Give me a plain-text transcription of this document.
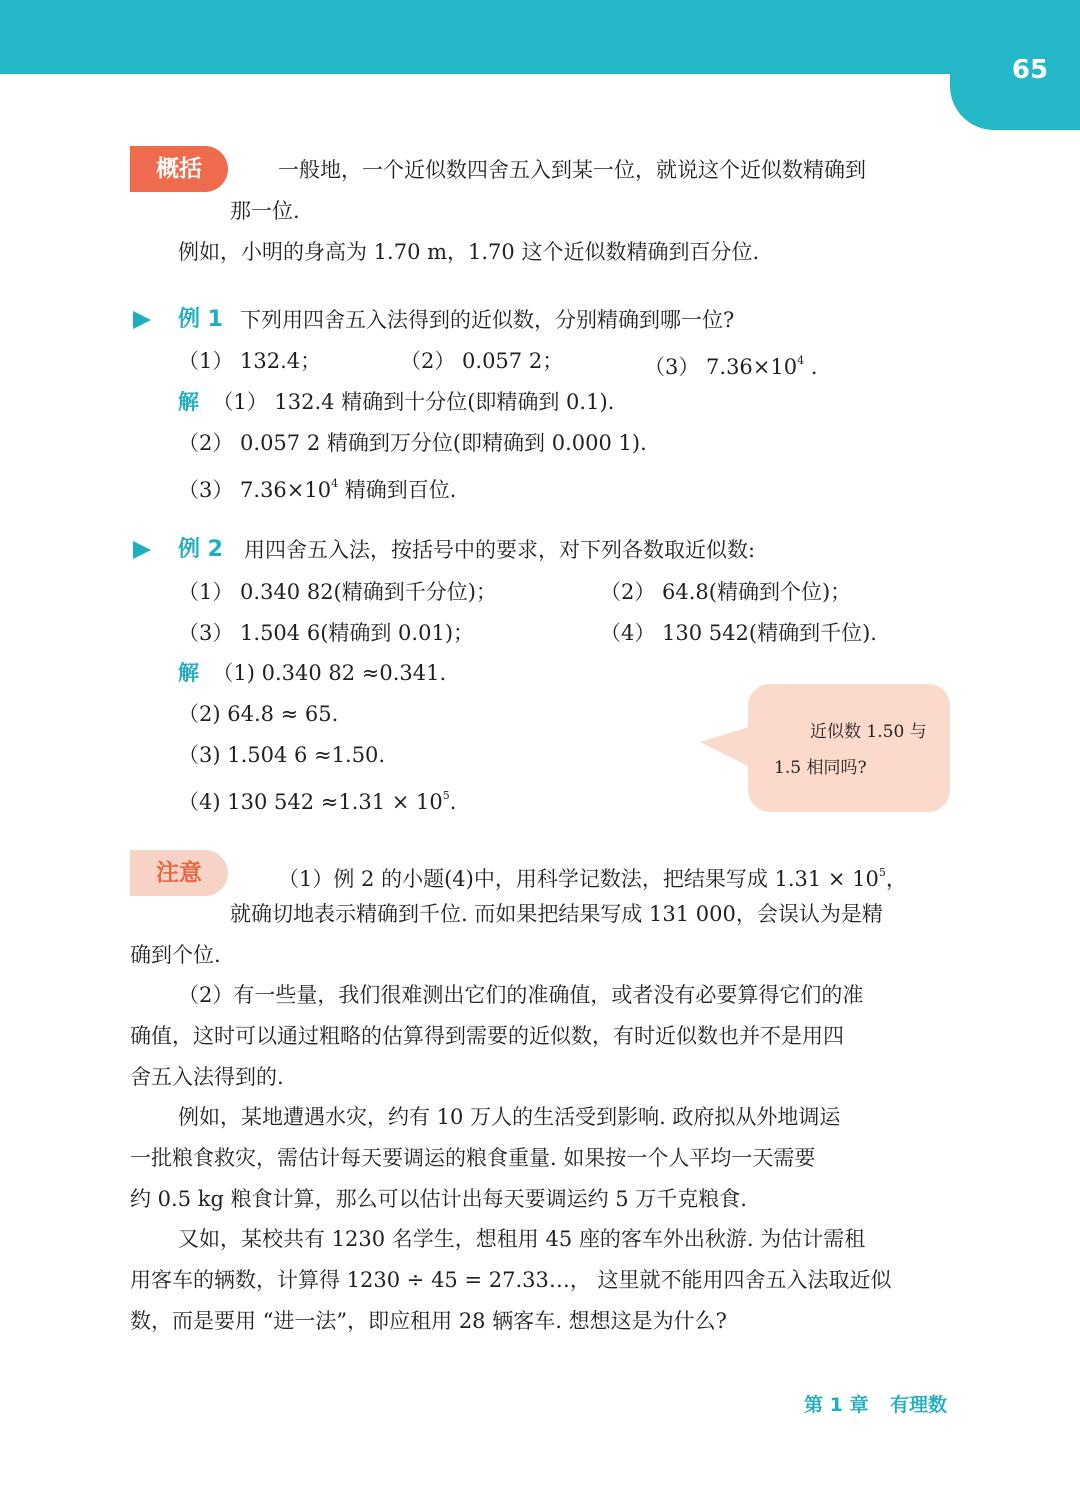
65
概括	一般地，一个近似数四舍五入到某一位，就说这个近似数精确到
那一位.
例如，小明的身高为 1.70 m，1.70 这个近似数精确到百分位.
例 1 下列用四舍五入法得到的近似数，分别精确到哪一位?
（1） 132.4；	（2） 0.057 2；	（3） $7.36\times 10^4$ .
解 （1） 132.4 精确到十分位(即精确到 0.1).
（2） 0.057 2 精确到万分位(即精确到 0.000 1).
（3） $7.36\times 10^4$ 精确到百位.
例 2 用四舍五入法，按括号中的要求，对下列各数取近似数:
（1） 0.340 82(精确到千分位)；	（2） 64.8(精确到个位)；
（3） 1.504 6(精确到 0.01)；	（4） 130 542(精确到千位).
解 （1) 0.340 82 ≈0.341.
（2) 64.8 ≈ 65.
（3) 1.504 6 ≈1.50.
（4) 130 $542 \approx 1.31 \times 10^5$.
近似数 1.50 与
1.5 相同吗?
注意	（1）例 2 的小题(4)中，用科学记数法，把结果写成 $1.31 \times 10^5$，
就确切地表示精确到千位. 而如果把结果写成 131 000，会误认为是精
确到个位.
（2）有一些量，我们很难测出它们的准确值，或者没有必要算得它们的准
确值，这时可以通过粗略的估算得到需要的近似数，有时近似数也并不是用四
舍五入法得到的.
例如，某地遭遇水灾，约有 10 万人的生活受到影响. 政府拟从外地调运
一批粮食救灾，需估计每天要调运的粮食重量. 如果按一个人平均一天需要
约 0.5 kg 粮食计算，那么可以估计出每天要调运约 5 万千克粮食.
又如，某校共有 1230 名学生，想租用 45 座的客车外出秋游. 为估计需租
用客车的辆数，计算得 1230 ÷ 45 = 27.33…， 这里就不能用四舍五入法取近似
数，而是要用 “进一法”，即应租用 28 辆客车. 想想这是为什么?
第 1 章 有理数
